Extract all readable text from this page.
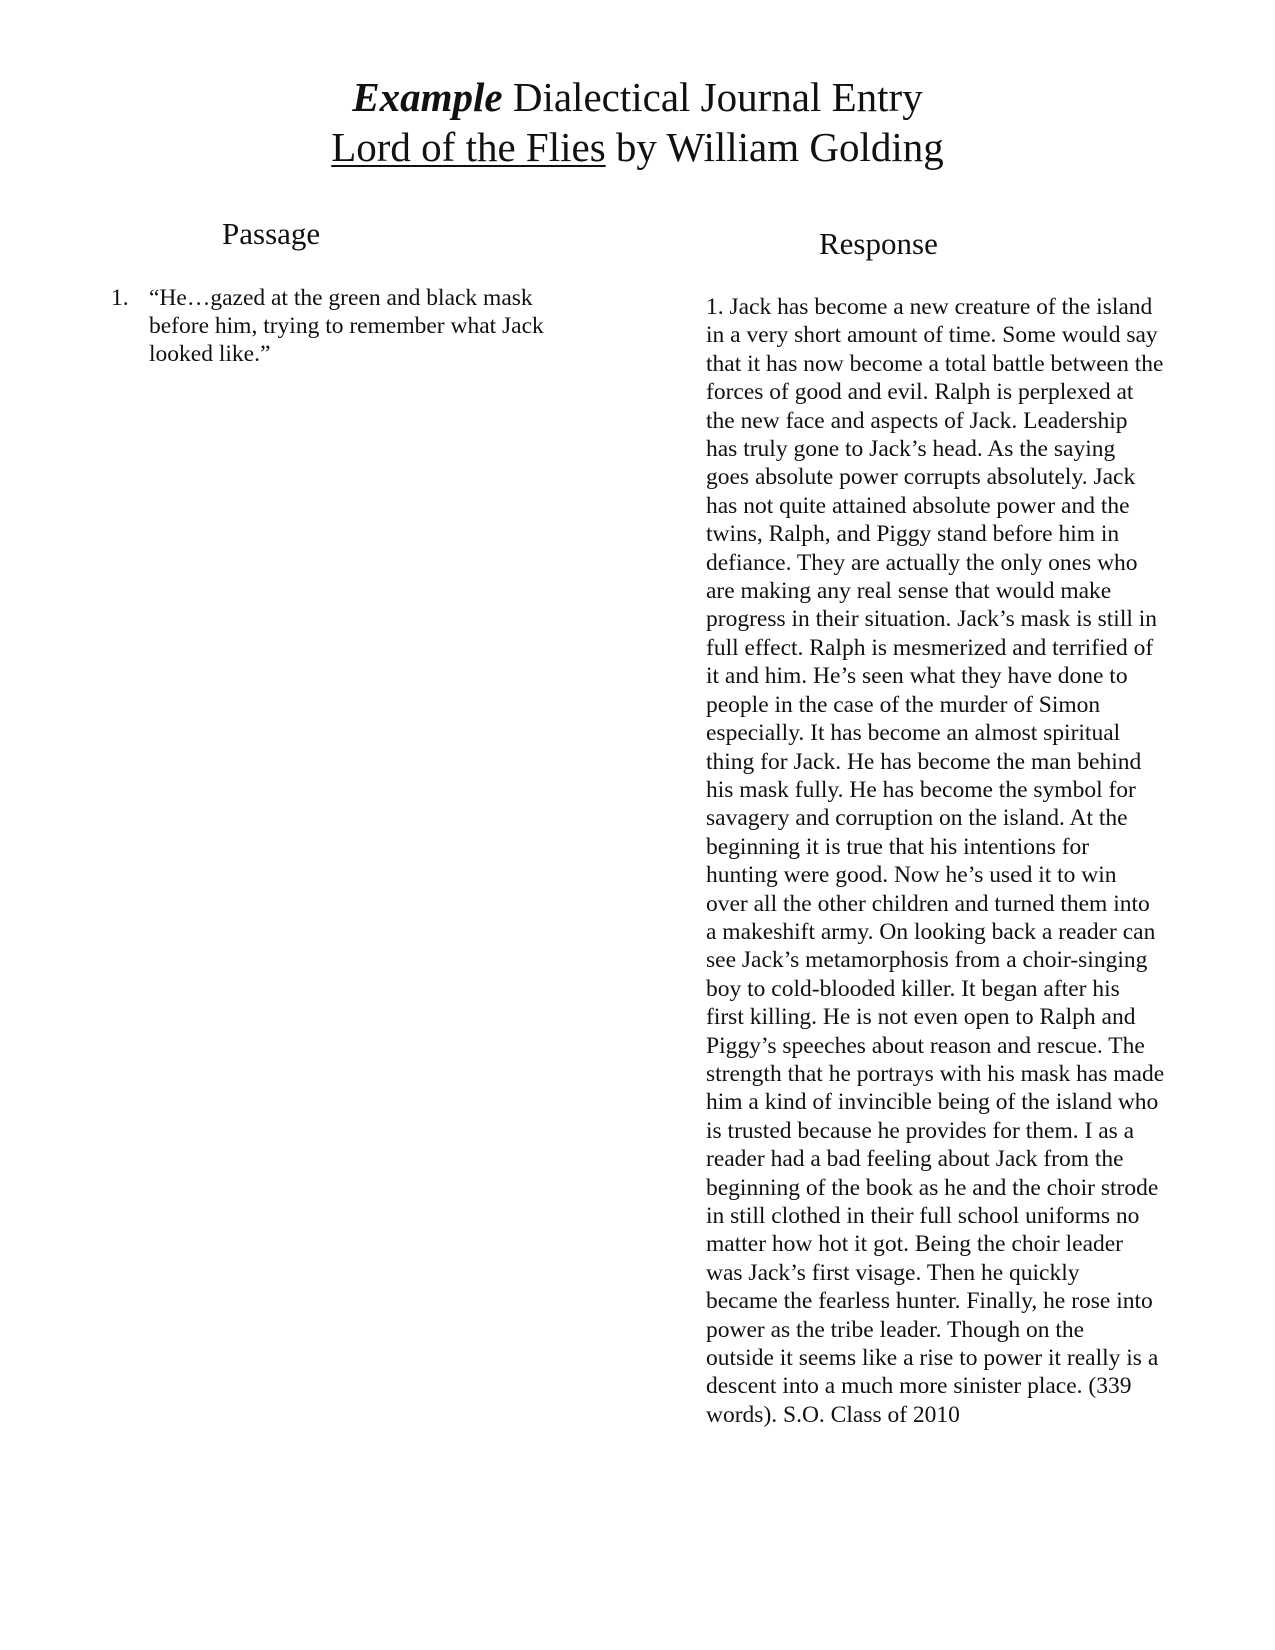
Example Dialectical Journal Entry
Lord of the Flies by William Golding
Passage	Response
1. “He…gazed at the green and black mask before him, trying to remember what Jack looked like.”
1. Jack has become a new creature of the island
in a very short amount of time. Some would say
that it has now become a total battle between the
forces of good and evil. Ralph is perplexed at
the new face and aspects of Jack. Leadership
has truly gone to Jack’s head. As the saying
goes absolute power corrupts absolutely. Jack
has not quite attained absolute power and the
twins, Ralph, and Piggy stand before him in
defiance. They are actually the only ones who
are making any real sense that would make
progress in their situation. Jack’s mask is still in
full effect. Ralph is mesmerized and terrified of
it and him. He’s seen what they have done to
people in the case of the murder of Simon
especially. It has become an almost spiritual
thing for Jack. He has become the man behind
his mask fully. He has become the symbol for
savagery and corruption on the island. At the
beginning it is true that his intentions for
hunting were good. Now he’s used it to win
over all the other children and turned them into
a makeshift army. On looking back a reader can
see Jack’s metamorphosis from a choir-singing
boy to cold-blooded killer. It began after his
first killing. He is not even open to Ralph and
Piggy’s speeches about reason and rescue. The
strength that he portrays with his mask has made
him a kind of invincible being of the island who
is trusted because he provides for them. I as a
reader had a bad feeling about Jack from the
beginning of the book as he and the choir strode
in still clothed in their full school uniforms no
matter how hot it got. Being the choir leader
was Jack’s first visage. Then he quickly
became the fearless hunter. Finally, he rose into
power as the tribe leader. Though on the
outside it seems like a rise to power it really is a
descent into a much more sinister place. (339
words). S.O. Class of 2010
